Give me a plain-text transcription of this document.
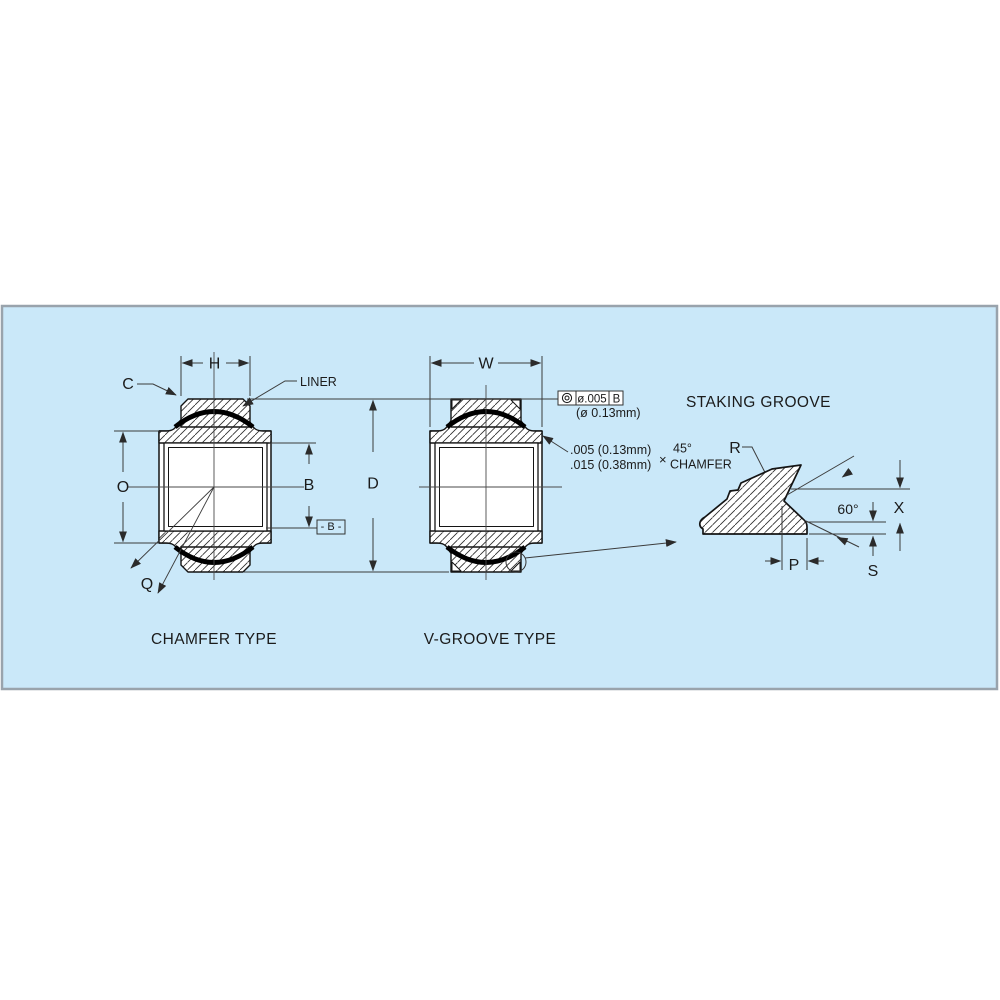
H	W
C	LINER
O	B	D
Q
- B -
ø.005 B
(ø 0.13mm)
.005 (0.13mm)
.015 (0.38mm) ×
45°
CHAMFER
R
60° X
S
P
STAKING GROOVE
CHAMFER TYPE	V-GROOVE TYPE
